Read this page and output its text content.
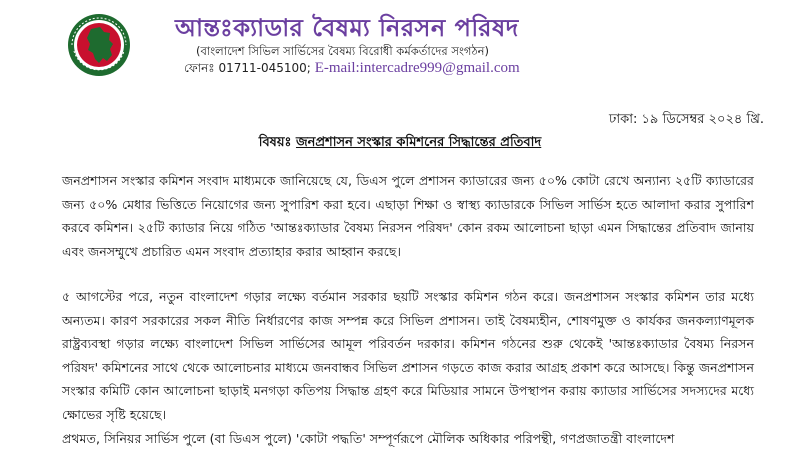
আন্তঃক্যাডার বৈষম্য নিরসন পরিষদ
(বাংলাদেশ সিভিল সার্ভিসের বৈষম্য বিরোধী কর্মকর্তাদের সংগঠন)
ফোনঃ 01711-045100; E-mail:intercadre999@gmail.com
ঢাকা: ১৯ ডিসেম্বর ২০২৪ খ্রি.
বিষয়ঃ জনপ্রশাসন সংস্কার কমিশনের সিদ্ধান্তের প্রতিবাদ
জনপ্রশাসন সংস্কার কমিশন সংবাদ মাধ্যমকে জানিয়েছে যে, ডিএস পুলে প্রশাসন ক্যাডারের জন্য ৫০% কোটা রেখে অন্যান্য ২৫টি ক্যাডারের জন্য ৫০% মেধার ভিত্তিতে নিয়োগের জন্য সুপারিশ করা হবে। এছাড়া শিক্ষা ও স্বাস্থ্য ক্যাডারকে সিভিল সার্ভিস হতে আলাদা করার সুপারিশ করবে কমিশন। ২৫টি ক্যাডার নিয়ে গঠিত 'আন্তঃক্যাডার বৈষম্য নিরসন পরিষদ' কোন রকম আলোচনা ছাড়া এমন সিদ্ধান্তের প্রতিবাদ জানায় এবং জনসম্মুখে প্রচারিত এমন সংবাদ প্রত্যাহার করার আহ্বান করছে।
৫ আগস্টের পরে, নতুন বাংলাদেশ গড়ার লক্ষ্যে বর্তমান সরকার ছয়টি সংস্কার কমিশন গঠন করে। জনপ্রশাসন সংস্কার কমিশন তার মধ্যে অন্যতম। কারণ সরকারের সকল নীতি নির্ধারণের কাজ সম্পন্ন করে সিভিল প্রশাসন। তাই বৈষম্যহীন, শোষণমুক্ত ও কার্যকর জনকল্যাণমূলক রাষ্ট্রব্যবস্থা গড়ার লক্ষ্যে বাংলাদেশ সিভিল সার্ভিসের আমূল পরিবর্তন দরকার। কমিশন গঠনের শুরু থেকেই 'আন্তঃক্যাডার বৈষম্য নিরসন পরিষদ' কমিশনের সাথে থেকে আলোচনার মাধ্যমে জনবান্ধব সিভিল প্রশাসন গড়তে কাজ করার আগ্রহ প্রকাশ করে আসছে। কিন্তু জনপ্রশাসন সংস্কার কমিটি কোন আলোচনা ছাড়াই মনগড়া কতিপয় সিদ্ধান্ত গ্রহণ করে মিডিয়ার সামনে উপস্থাপন করায় ক্যাডার সার্ভিসের সদস্যদের মধ্যে ক্ষোভের সৃষ্টি হয়েছে।
প্রথমত, সিনিয়র সার্ভিস পুলে (বা ডিএস পুলে) 'কোটা পদ্ধতি' সম্পূর্ণরূপে মৌলিক অধিকার পরিপন্থী, গণপ্রজাতন্ত্রী বাংলাদেশ
